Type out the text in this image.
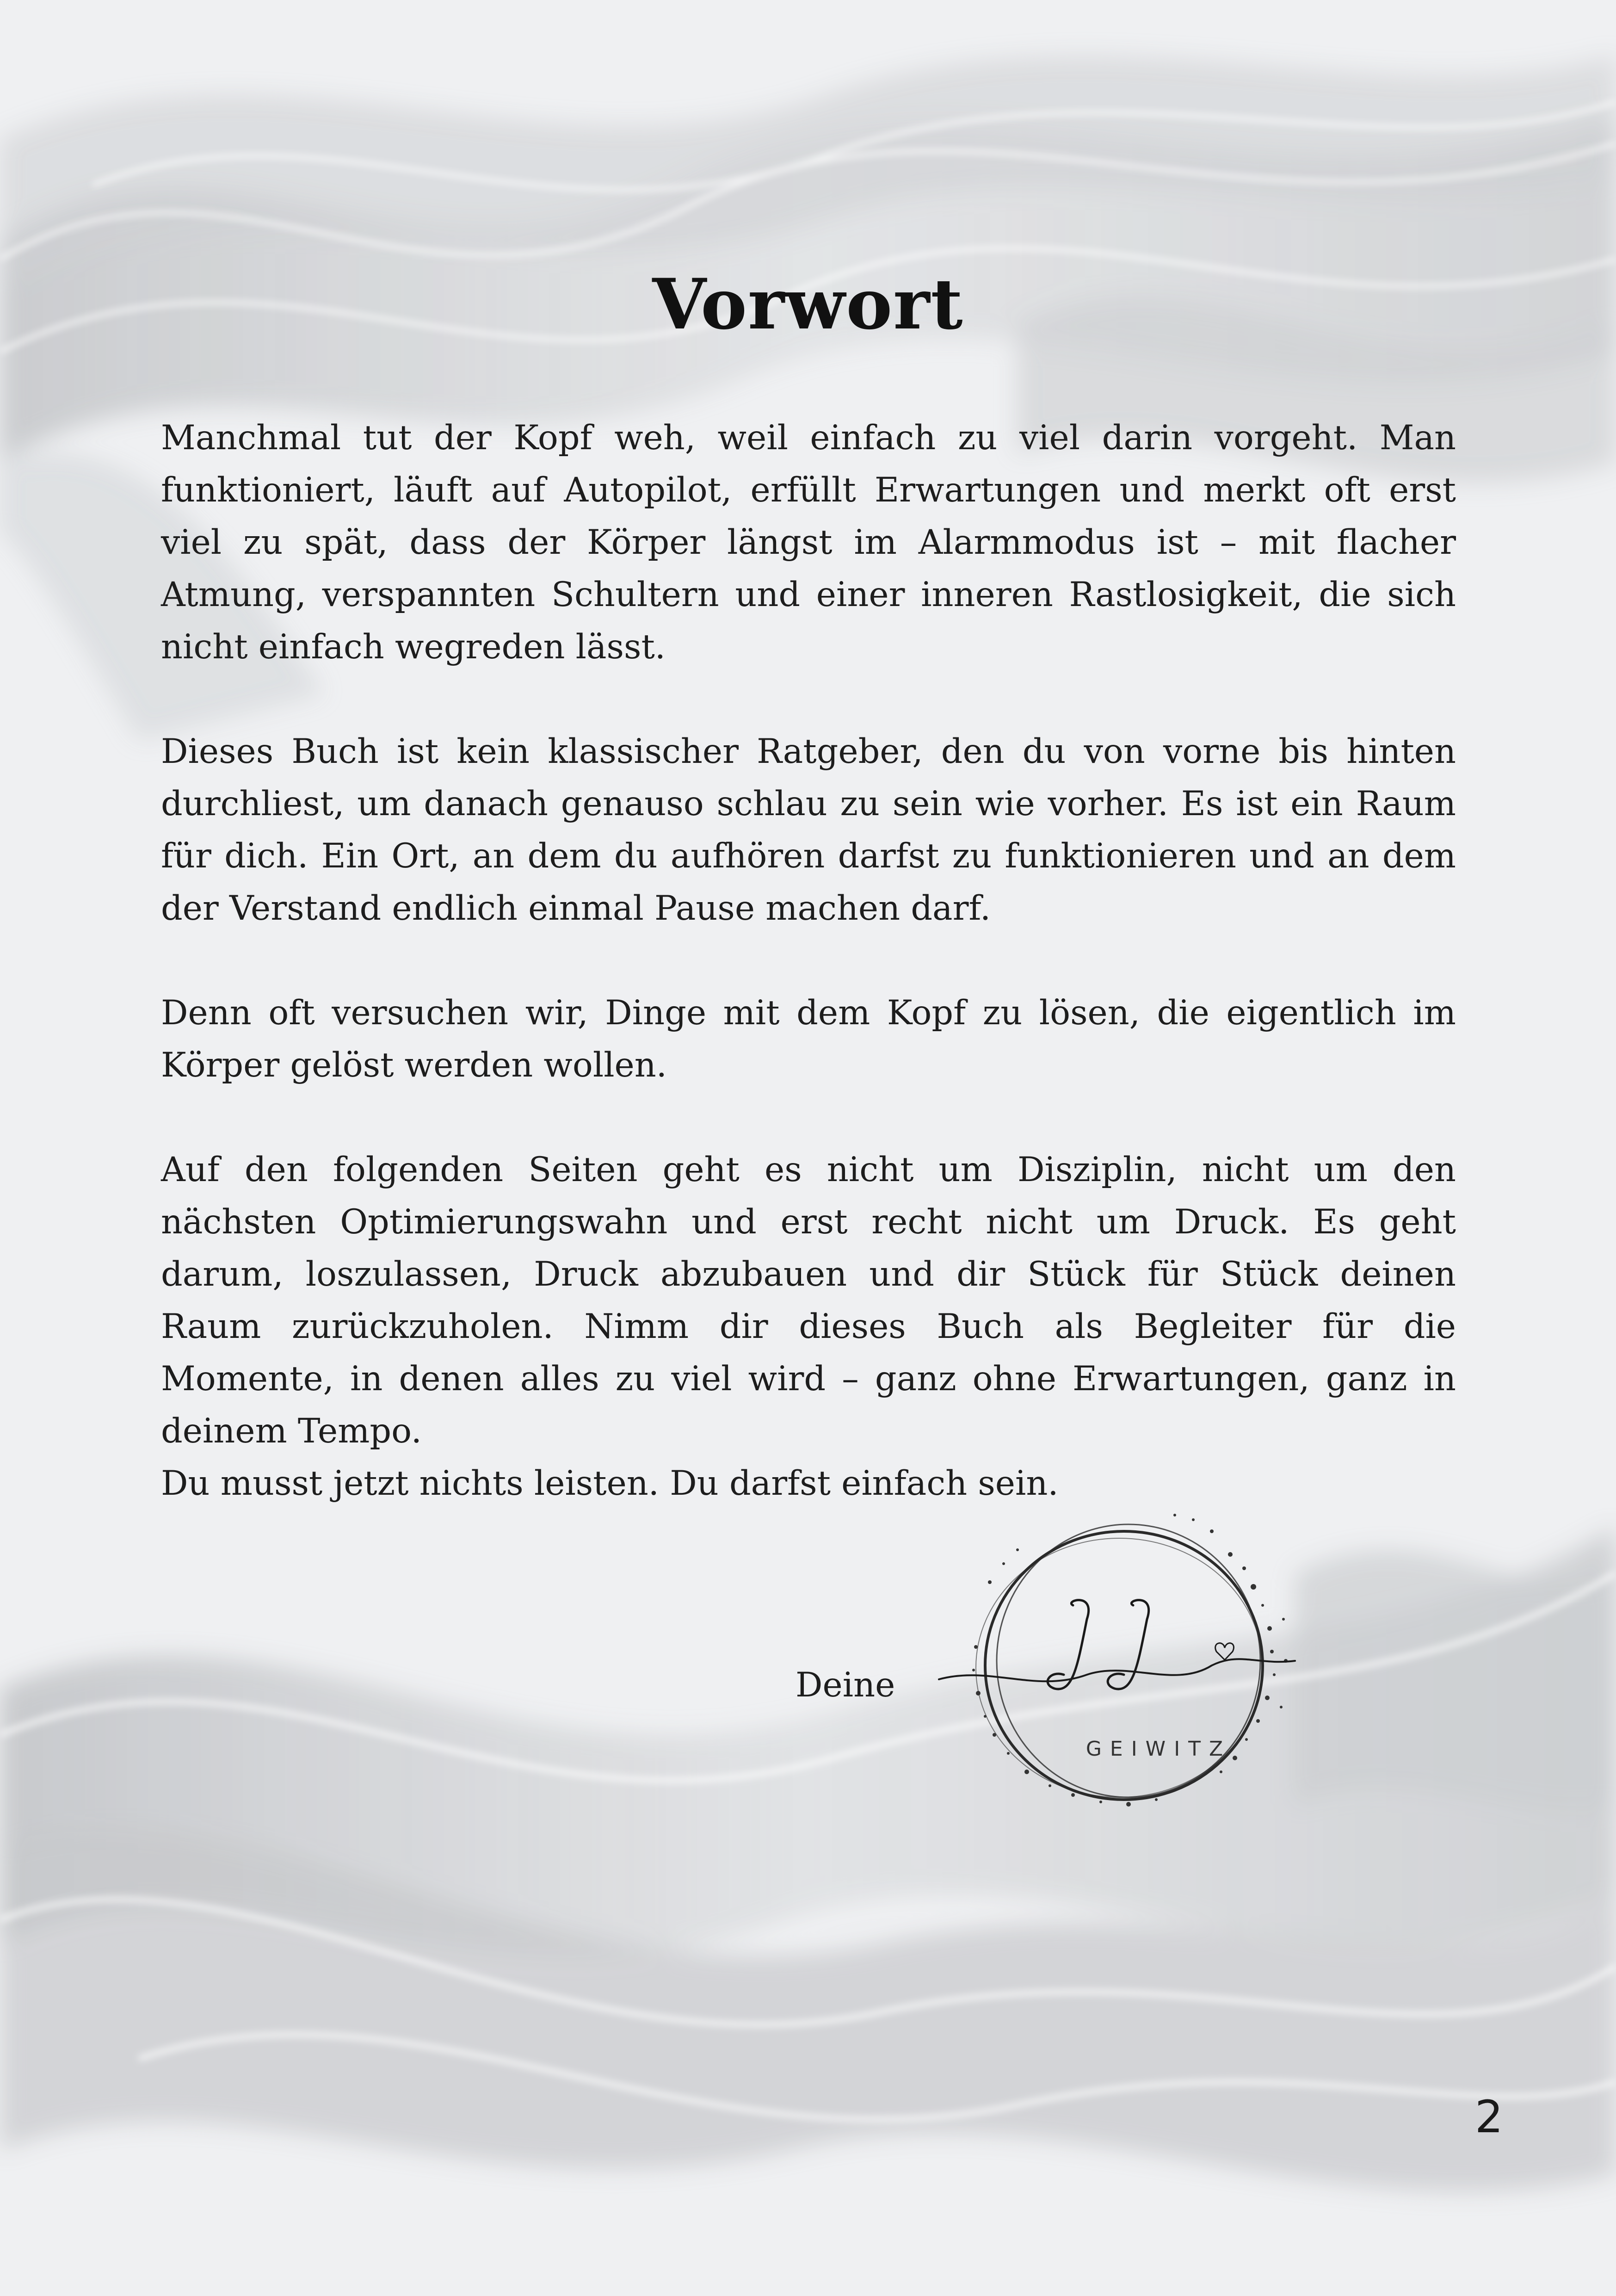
Vorwort

Manchmal tut der Kopf weh, weil einfach zu viel darin vorgeht. Man funktioniert, läuft auf Autopilot, erfüllt Erwartungen und merkt oft erst viel zu spät, dass der Körper längst im Alarmmodus ist – mit flacher Atmung, verspannten Schultern und einer inneren Rastlosigkeit, die sich nicht einfach wegreden lässt.

Dieses Buch ist kein klassischer Ratgeber, den du von vorne bis hinten durchliest, um danach genauso schlau zu sein wie vorher. Es ist ein Raum für dich. Ein Ort, an dem du aufhören darfst zu funktionieren und an dem der Verstand endlich einmal Pause machen darf.

Denn oft versuchen wir, Dinge mit dem Kopf zu lösen, die eigentlich im Körper gelöst werden wollen.

Auf den folgenden Seiten geht es nicht um Disziplin, nicht um den nächsten Optimierungswahn und erst recht nicht um Druck. Es geht darum, loszulassen, Druck abzubauen und dir Stück für Stück deinen Raum zurückzuholen. Nimm dir dieses Buch als Begleiter für die Momente, in denen alles zu viel wird – ganz ohne Erwartungen, ganz in deinem Tempo.

Du musst jetzt nichts leisten. Du darfst einfach sein.

Deine
GEIWITZ
2
